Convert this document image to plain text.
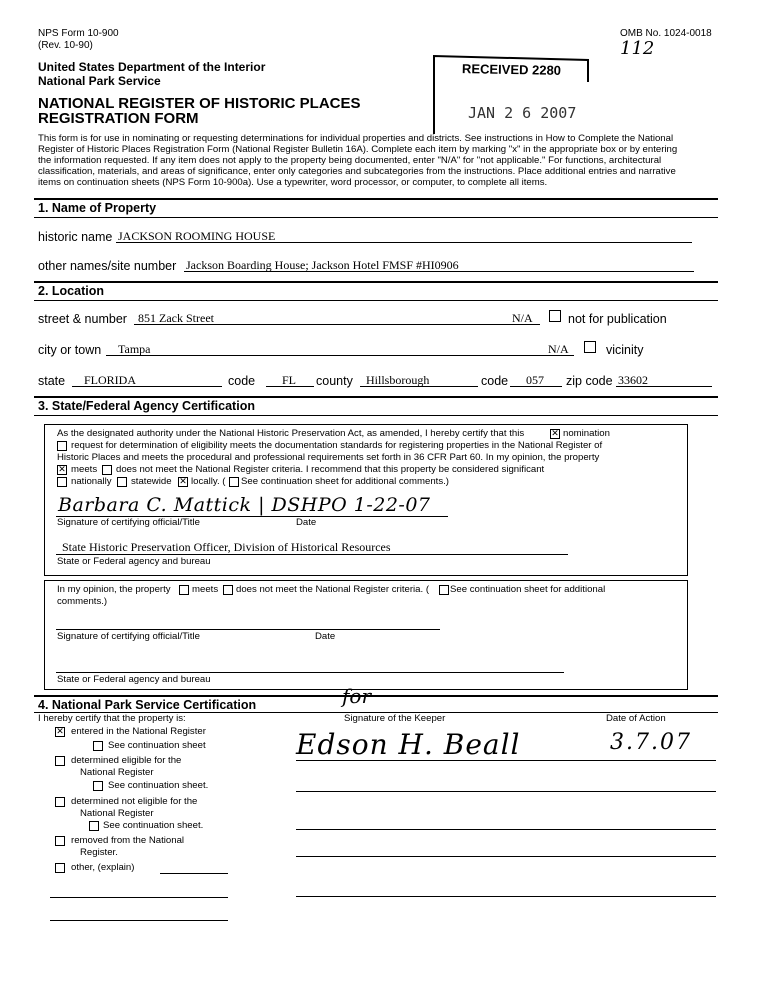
NPS Form 10-900
(Rev. 10-90)
OMB No. 1024-0018
112
United States Department of the Interior
National Park Service
NATIONAL REGISTER OF HISTORIC PLACES
REGISTRATION FORM
RECEIVED 2280
JAN 2 6 2007
This form is for use in nominating or requesting determinations for individual properties and districts. See instructions in How to Complete the National
Register of Historic Places Registration Form (National Register Bulletin 16A). Complete each item by marking "x" in the appropriate box or by entering
the information requested. If any item does not apply to the property being documented, enter "N/A" for "not applicable." For functions, architectural
classification, materials, and areas of significance, enter only categories and subcategories from the instructions. Place additional entries and narrative
items on continuation sheets (NPS Form 10-900a). Use a typewriter, word processor, or computer, to complete all items.
1. Name of Property
historic name JACKSON ROOMING HOUSE
other names/site number Jackson Boarding House; Jackson Hotel FMSF #HI0906
2. Location
street & number 851 Zack Street	N/A	not for publication
city or town Tampa	N/A	vicinity
state FLORIDA	code FL county Hillsborough	code 057 zip code 33602
3. State/Federal Agency Certification
As the designated authority under the National Historic Preservation Act, as amended, I hereby certify that this ✕	nomination
request for determination of eligibility meets the documentation standards for registering properties in the National Register of
Historic Places and meets the procedural and professional requirements set forth in 36 CFR Part 60. In my opinion, the property
✕
meets does not meet the National Register criteria. I recommend that this property be considered significant
nationally statewide ✕ locally. ( See continuation sheet for additional comments.)
Barbara C. Mattick | DSHPO 1-22-07
Signature of certifying official/Title	Date
State Historic Preservation Officer, Division of Historical Resources
State or Federal agency and bureau
In my opinion, the property meets does not meet the National Register criteria. ( See continuation sheet for additional
comments.)
Signature of certifying official/Title	Date
State or Federal agency and bureau
4. National Park Service Certification
I hereby certify that the property is:
✕
entered in the National Register
See continuation sheet
determined eligible for the
National Register
See continuation sheet.
determined not eligible for the
National Register
See continuation sheet.
removed from the National
Register.
other, (explain)
Signature of the Keeper	Date of Action
for
Edson H. Beall	3.7.07
